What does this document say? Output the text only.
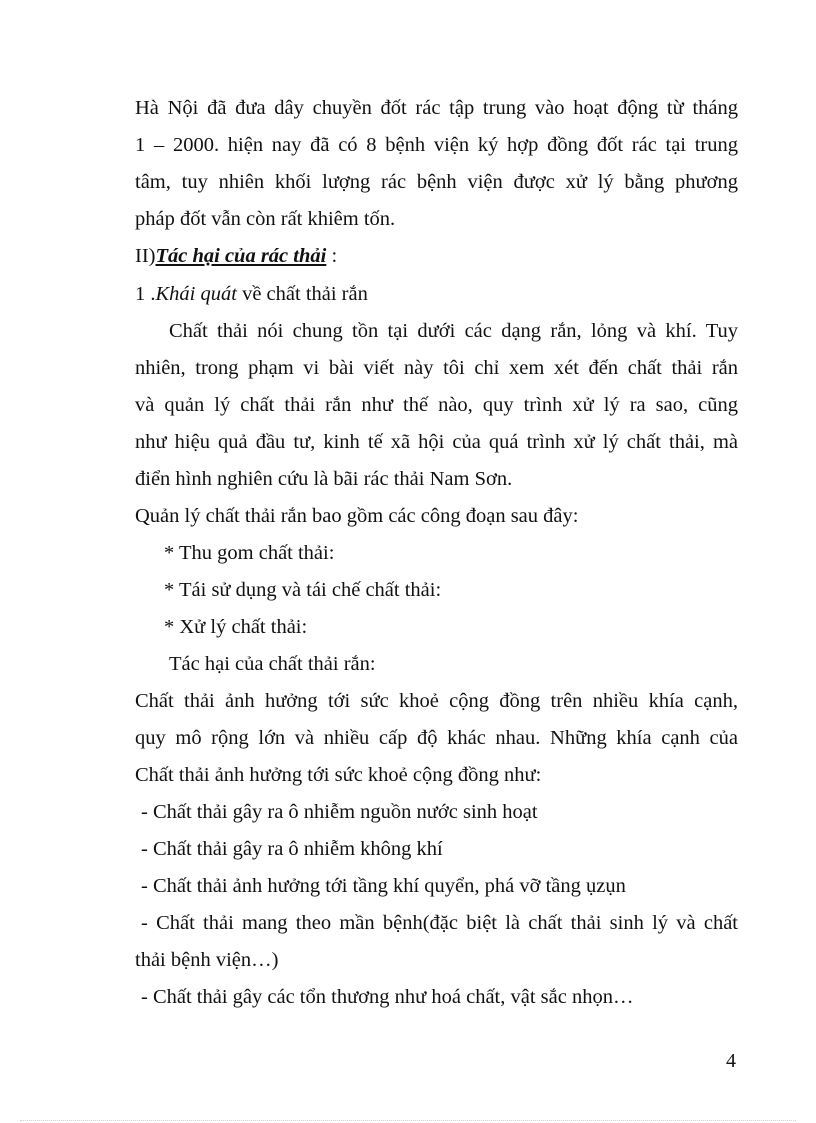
Hà Nội đã đưa dây chuyền đốt rác tập trung vào hoạt động từ tháng
1 – 2000. hiện nay đã có 8 bệnh viện ký hợp đồng đốt rác tại trung
tâm, tuy nhiên khối lượng rác bệnh viện được xử lý bằng phương
pháp đốt vẫn còn rất khiêm tốn.
II)Tác hại của rác thải :
1 .Khái quát về chất thải rắn
Chất thải nói chung tồn tại dưới các dạng rắn, lỏng và khí. Tuy
nhiên, trong phạm vi bài viết này tôi chỉ xem xét đến chất thải rắn
và quản lý chất thải rắn như thế nào, quy trình xử lý ra sao, cũng
như hiệu quả đầu tư, kinh tế xã hội của quá trình xử lý chất thải, mà
điển hình nghiên cứu là bãi rác thải Nam Sơn.
Quản lý chất thải rắn bao gồm các công đoạn sau đây:
* Thu gom chất thải:
* Tái sử dụng và tái chế chất thải:
* Xử lý chất thải:
Tác hại của chất thải rắn:
Chất thải ảnh hưởng tới sức khoẻ cộng đồng trên nhiều khía cạnh,
quy mô rộng lớn và nhiều cấp độ khác nhau. Những khía cạnh của
Chất thải ảnh hưởng tới sức khoẻ cộng đồng như:
- Chất thải gây ra ô nhiễm nguồn nước sinh hoạt
- Chất thải gây ra ô nhiễm không khí
- Chất thải ảnh hưởng tới tầng khí quyển, phá vỡ tầng ụzụn
- Chất thải mang theo mần bệnh(đặc biệt là chất thải sinh lý và chất
thải bệnh viện…)
- Chất thải gây các tổn thương như hoá chất, vật sắc nhọn…
4
